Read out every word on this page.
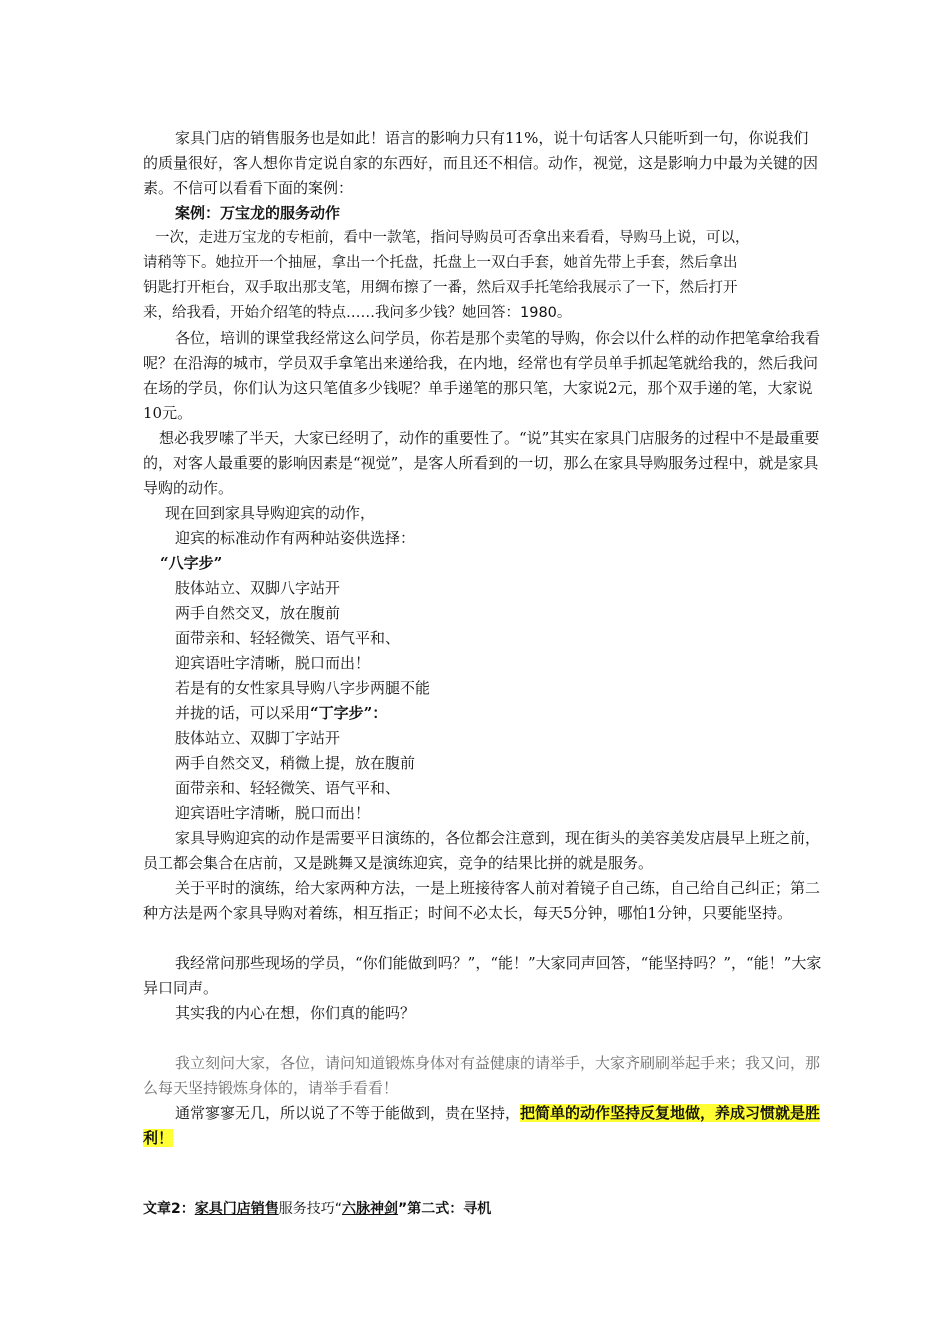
家具门店的销售服务也是如此！语言的影响力只有11%，说十句话客人只能听到一句，你说我们的质量很好，客人想你肯定说自家的东西好，而且还不相信。动作，视觉，这是影响力中最为关键的因素。不信可以看看下面的案例：

案例：万宝龙的服务动作
一次，走进万宝龙的专柜前，看中一款笔，指问导购员可否拿出来看看，导购马上说，可以，
请稍等下。她拉开一个抽屉，拿出一个托盘，托盘上一双白手套，她首先带上手套，然后拿出
钥匙打开柜台，双手取出那支笔，用绸布擦了一番，然后双手托笔给我展示了一下，然后打开
来，给我看，开始介绍笔的特点……我问多少钱？她回答：1980。

各位，培训的课堂我经常这么问学员，你若是那个卖笔的导购，你会以什么样的动作把笔拿给我看呢？在沿海的城市，学员双手拿笔出来递给我，在内地，经常也有学员单手抓起笔就给我的，然后我问在场的学员，你们认为这只笔值多少钱呢？单手递笔的那只笔，大家说2元，那个双手递的笔，大家说10元。

想必我罗嗦了半天，大家已经明了，动作的重要性了。“说”其实在家具门店服务的过程中不是最重要的，对客人最重要的影响因素是“视觉”，是客人所看到的一切，那么在家具导购服务过程中，就是家具导购的动作。

现在回到家具导购迎宾的动作，
迎宾的标准动作有两种站姿供选择：
“八字步”
肢体站立、双脚八字站开
两手自然交叉，放在腹前
面带亲和、轻轻微笑、语气平和、
迎宾语吐字清晰，脱口而出！
若是有的女性家具导购八字步两腿不能
并拢的话，可以采用“丁字步”：
肢体站立、双脚丁字站开
两手自然交叉，稍微上提，放在腹前
面带亲和、轻轻微笑、语气平和、
迎宾语吐字清晰，脱口而出！

家具导购迎宾的动作是需要平日演练的，各位都会注意到，现在街头的美容美发店晨早上班之前，员工都会集合在店前，又是跳舞又是演练迎宾，竞争的结果比拼的就是服务。

关于平时的演练，给大家两种方法，一是上班接待客人前对着镜子自己练，自己给自己纠正；第二种方法是两个家具导购对着练，相互指正；时间不必太长，每天5分钟，哪怕1分钟，只要能坚持。

我经常问那些现场的学员，“你们能做到吗？”，“能！”大家同声回答，“能坚持吗？”，“能！”大家异口同声。

其实我的内心在想，你们真的能吗？

我立刻问大家，各位，请问知道锻炼身体对有益健康的请举手，大家齐刷刷举起手来；我又问，那么每天坚持锻炼身体的，请举手看看！

通常寥寥无几，所以说了不等于能做到，贵在坚持，把简单的动作坚持反复地做，养成习惯就是胜利！

文章2：家具门店销售服务技巧“六脉神剑”第二式：寻机
